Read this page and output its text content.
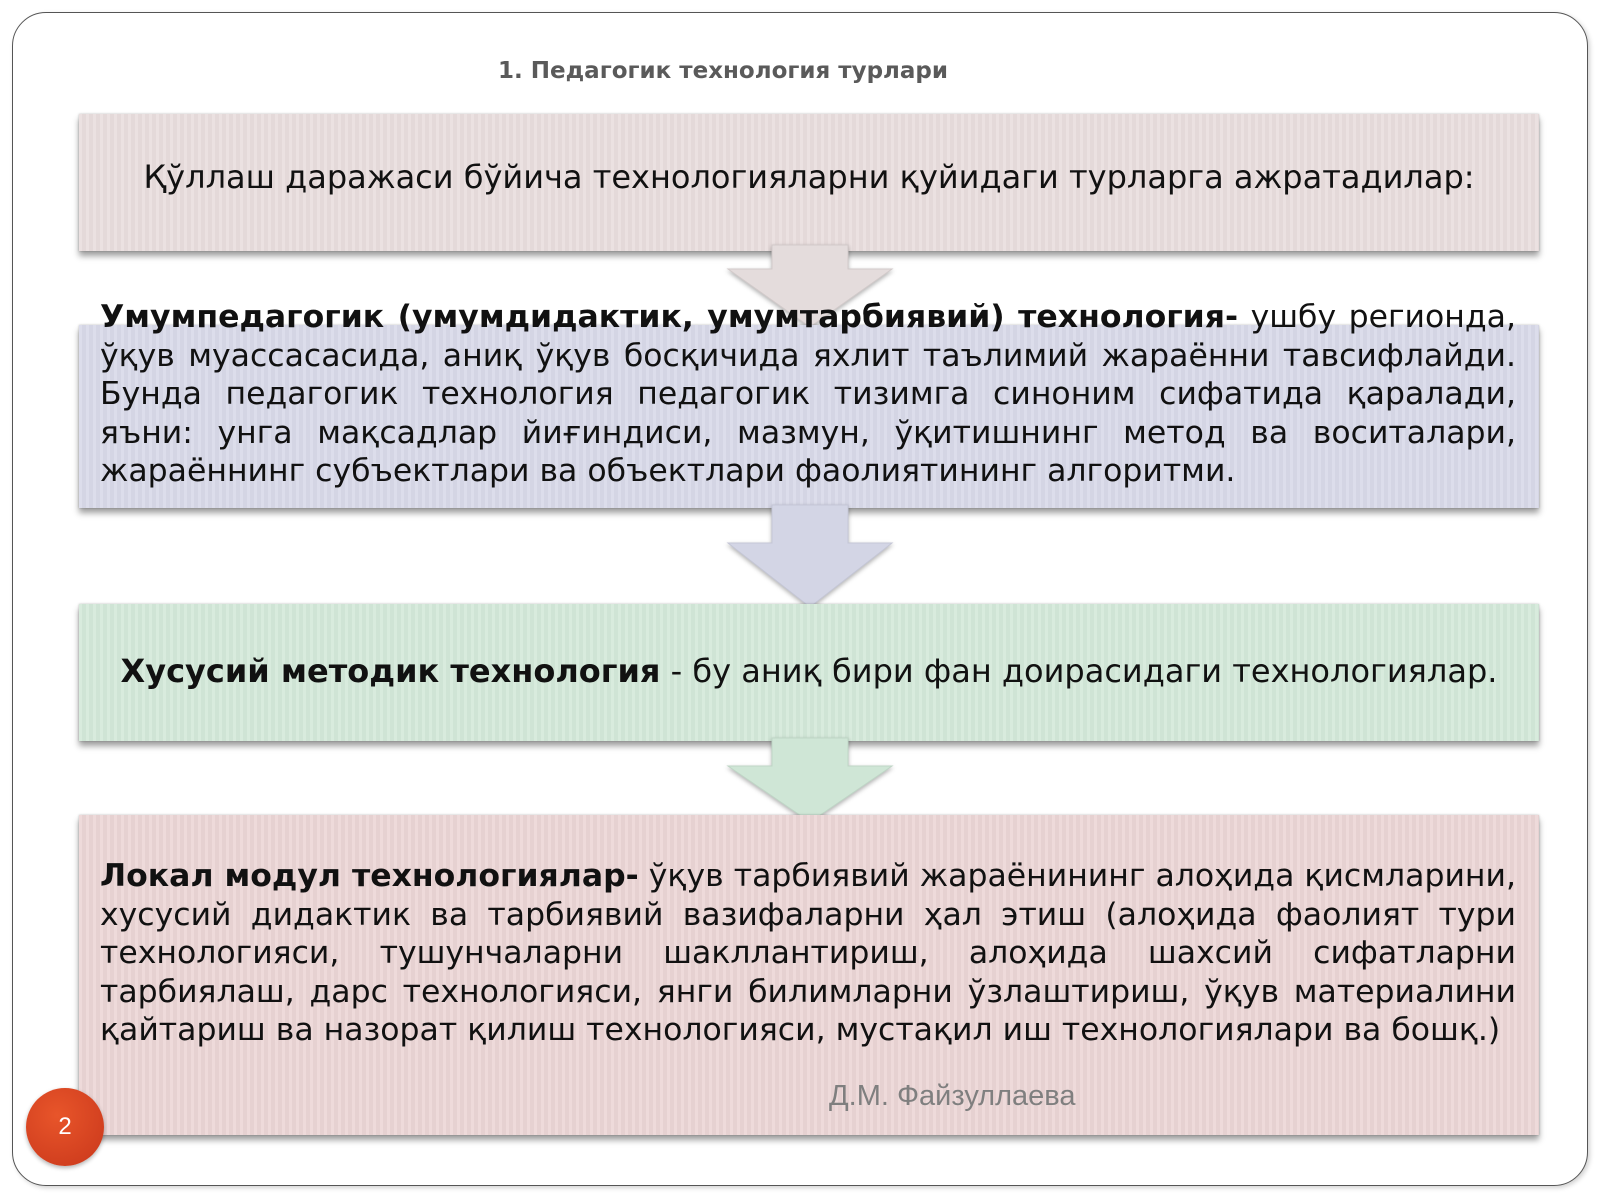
1. Педагогик технология турлари
Қўллаш даражаси бўйича технологияларни қуйидаги турларга ажратадилар:
Умумпедагогик (умумдидактик, умумтарбиявий) технология- ушбу регионда, ўқув муассасасида, аниқ ўқув босқичида яхлит таълимий жараённи тавсифлайди. Бунда педагогик технология педагогик тизимга синоним сифатида қаралади, яъни: унга мақсадлар йиғиндиси, мазмун, ўқитишнинг метод ва воситалари, жараённинг субъектлари ва объектлари фаолиятининг алгоритми.
Хусусий методик технология - бу аниқ бири фан доирасидаги технологиялар.
Локал модул технологиялар- ўқув тарбиявий жараёнининг алоҳида қисмларини, хусусий дидактик ва тарбиявий вазифаларни ҳал этиш (алоҳида фаолият тури технологияси, тушунчаларни шакллантириш, алоҳида шахсий сифатларни тарбиялаш, дарс технологияси, янги билимларни ўзлаштириш, ўқув материалини қайтариш ва назорат қилиш технологияси, мустақил иш технологиялари ва бошқ.)
Д.М. Файзуллаева
2
